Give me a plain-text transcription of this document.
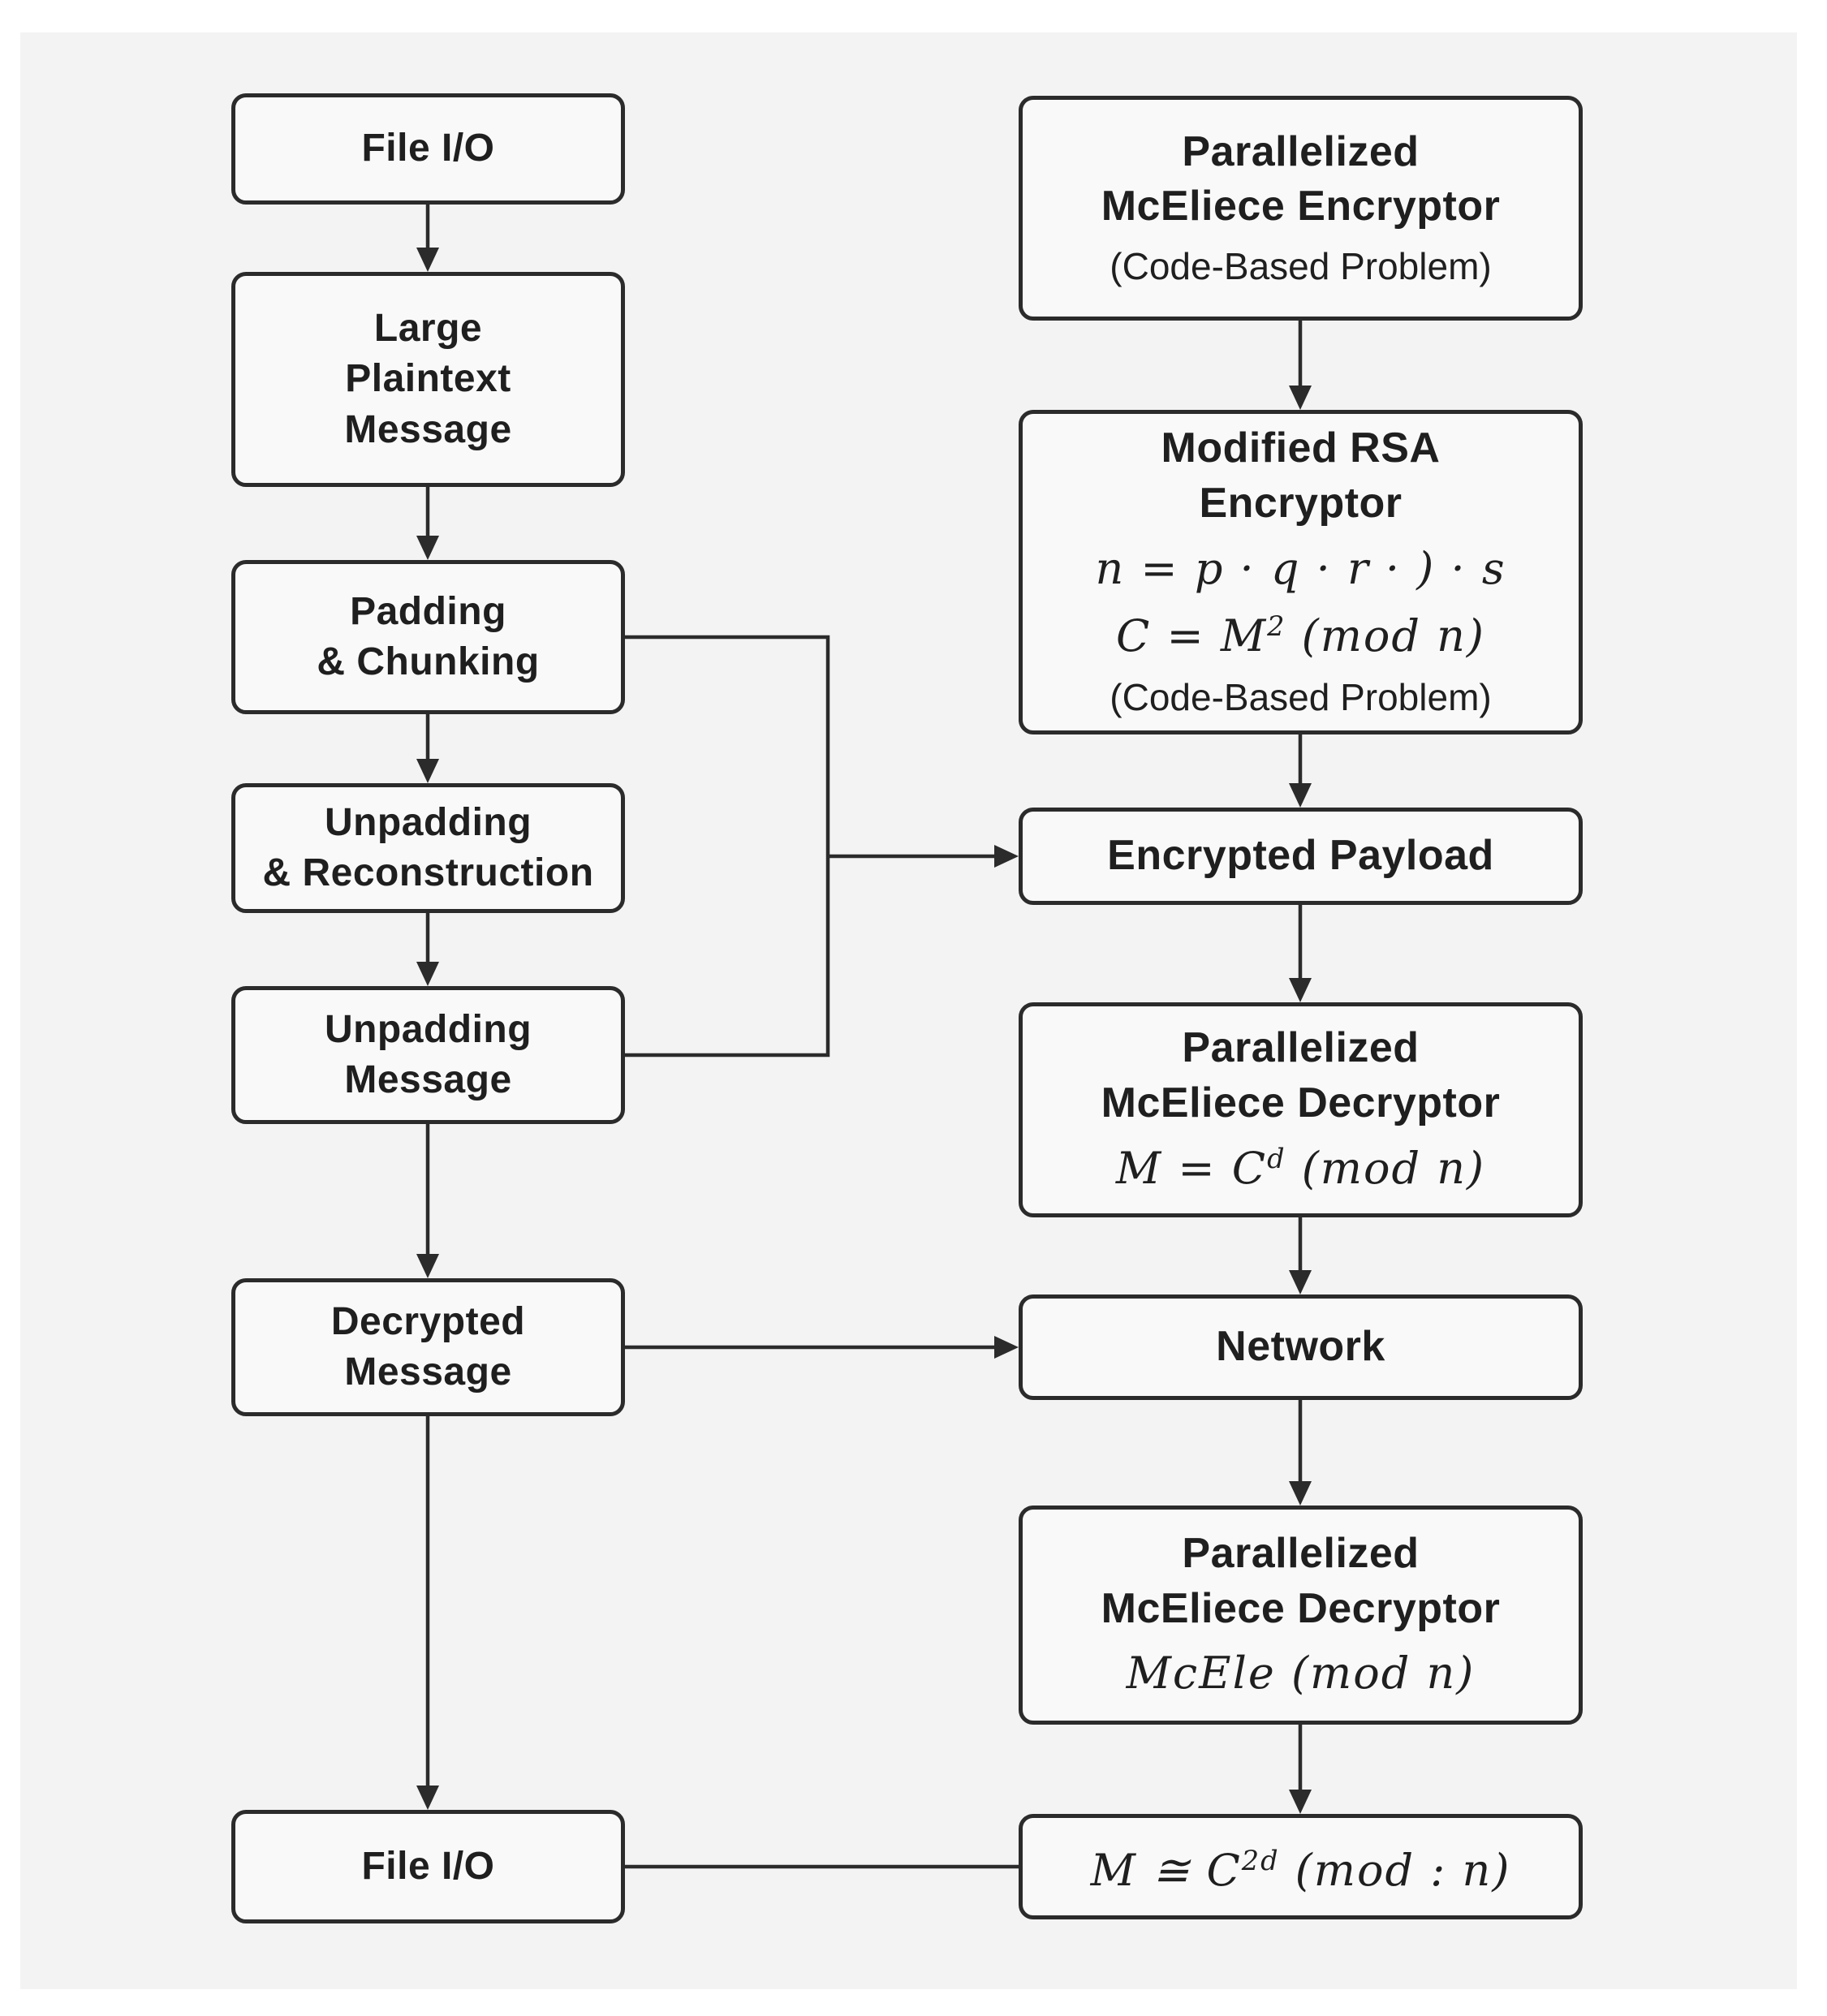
File I/O
Large
Plaintext
Message
Padding
& Chunking
Unpadding
& Reconstruction
Unpadding
Message
Decrypted
Message
File I/O
Parallelized
McEliece Encryptor
(Code-Based Problem)
Modified RSA
Encryptor
n = p · q · r · ) · s
$C = M^2$ (mod n)
(Code-Based Problem)
Encrypted Payload
Parallelized
McEliece Decryptor
$M = C^d$ (mod n)
Network
Parallelized
McEliece Decryptor
McEle (mod n)
M ≅ $C^{2d}$ (mod : n)
